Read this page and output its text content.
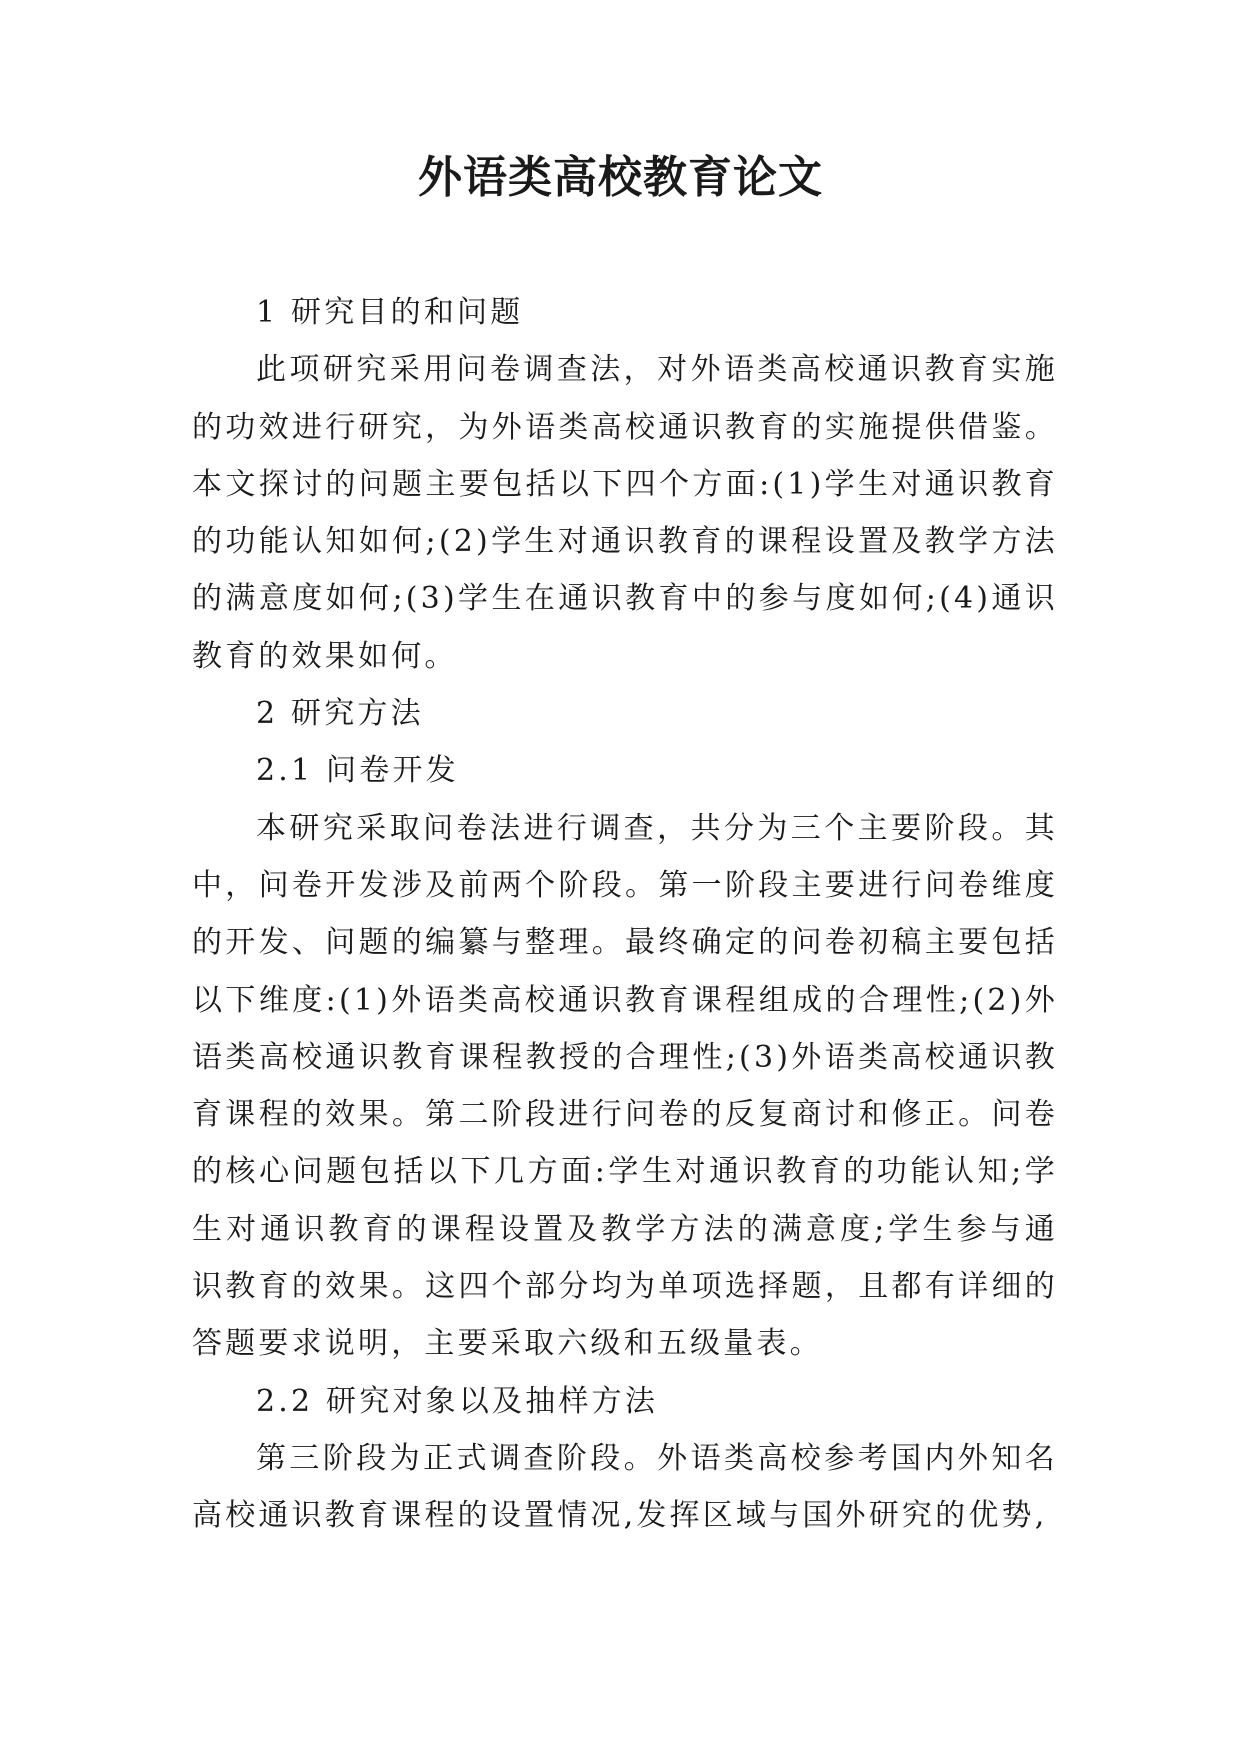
外语类高校教育论文

1 研究目的和问题

此项研究采用问卷调查法，对外语类高校通识教育实施的功效进行研究，为外语类高校通识教育的实施提供借鉴。本文探讨的问题主要包括以下四个方面:(1)学生对通识教育的功能认知如何;(2)学生对通识教育的课程设置及教学方法的满意度如何;(3)学生在通识教育中的参与度如何;(4)通识教育的效果如何。

2 研究方法

2.1 问卷开发

本研究采取问卷法进行调查，共分为三个主要阶段。其中，问卷开发涉及前两个阶段。第一阶段主要进行问卷维度的开发、问题的编纂与整理。最终确定的问卷初稿主要包括以下维度:(1)外语类高校通识教育课程组成的合理性;(2)外语类高校通识教育课程教授的合理性;(3)外语类高校通识教育课程的效果。第二阶段进行问卷的反复商讨和修正。问卷的核心问题包括以下几方面:学生对通识教育的功能认知;学生对通识教育的课程设置及教学方法的满意度;学生参与通识教育的效果。这四个部分均为单项选择题，且都有详细的答题要求说明，主要采取六级和五级量表。

2.2 研究对象以及抽样方法

第三阶段为正式调查阶段。外语类高校参考国内外知名高校通识教育课程的设置情况,发挥区域与国外研究的优势,
